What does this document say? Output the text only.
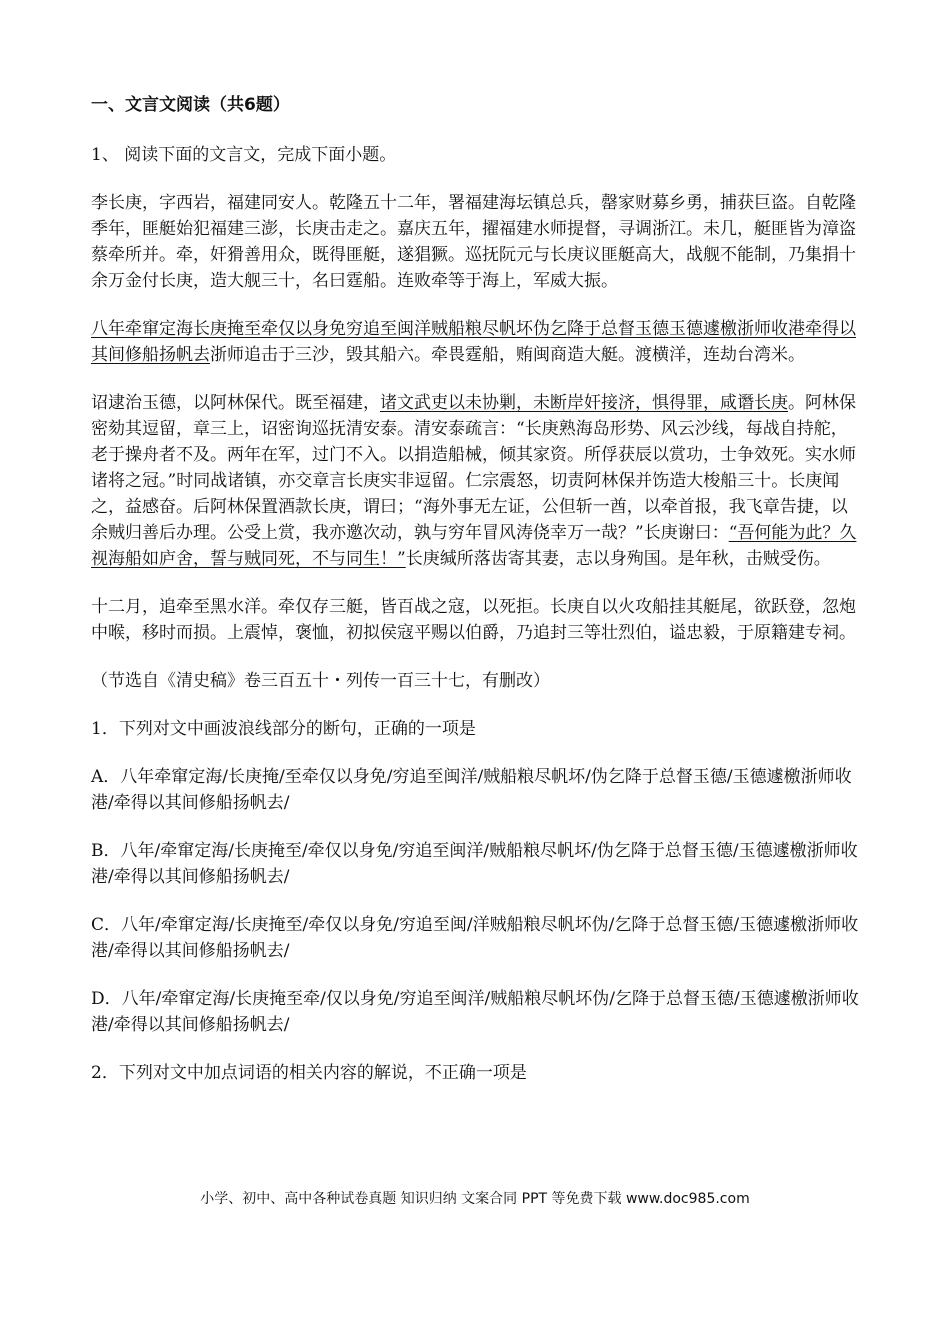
一、文言文阅读（共6题）

1、 阅读下面的文言文，完成下面小题。

李长庚，字西岩，福建同安人。乾隆五十二年，署福建海坛镇总兵，罄家财募乡勇，捕获巨盗。自乾隆季年，匪艇始犯福建三澎，长庚击走之。嘉庆五年，擢福建水师提督，寻调浙江。未几，艇匪皆为漳盗蔡牵所并。牵，奸猾善用众，既得匪艇，遂猖獗。巡抚阮元与长庚议匪艇高大，战舰不能制，乃集捐十余万金付长庚，造大舰三十，名曰霆船。连败牵等于海上，军威大振。

八年牵窜定海长庚掩至牵仅以身免穷追至闽洋贼船粮尽帆坏伪乞降于总督玉德玉德遽檄浙师收港牵得以其间修船扬帆去浙师追击于三沙，毁其船六。牵畏霆船，贿闽商造大艇。渡横洋，连劫台湾米。

诏逮治玉德，以阿林保代。既至福建，诸文武吏以未协剿，未断岸奸接济，惧得罪，咸谮长庚。阿林保密劾其逗留，章三上，诏密询巡抚清安泰。清安泰疏言：“长庚熟海岛形势、风云沙线，每战自持舵，老于操舟者不及。两年在军，过门不入。以捐造船械，倾其家资。所俘获辰以赏功，士争效死。实水师诸将之冠。”时同战诸镇，亦交章言长庚实非逗留。仁宗震怒，切责阿林保并饬造大梭船三十。长庚闻之，益感奋。后阿林保置酒款长庚，谓曰；“海外事无左证，公但斩一酋，以牵首报，我飞章告捷，以余贼归善后办理。公受上赏，我亦邀次动，孰与穷年冒风涛侥幸万一哉？”长庚谢曰：“吾何能为此？久视海船如庐舍，誓与贼同死，不与同生！”长庚缄所落齿寄其妻，志以身殉国。是年秋，击贼受伤。

十二月，追牵至黑水洋。牵仅存三艇，皆百战之寇，以死拒。长庚自以火攻船挂其艇尾，欲跃登，忽炮中喉，移时而损。上震悼，褒恤，初拟侯寇平赐以伯爵，乃追封三等壮烈伯，谥忠毅，于原籍建专祠。

（节选自《清史稿》卷三百五十・列传一百三十七，有删改）

1．下列对文中画波浪线部分的断句，正确的一项是

A．八年牵窜定海/长庚掩/至牵仅以身免/穷追至闽洋/贼船粮尽帆坏/伪乞降于总督玉德/玉德遽檄浙师收港/牵得以其间修船扬帆去/
B．八年/牵窜定海/长庚掩至/牵仅以身免/穷追至闽洋/贼船粮尽帆坏/伪乞降于总督玉德/玉德遽檄浙师收港/牵得以其间修船扬帆去/
C．八年/牵窜定海/长庚掩至/牵仅以身免/穷追至闽/洋贼船粮尽帆坏伪/乞降于总督玉德/玉德遽檄浙师收港/牵得以其间修船扬帆去/
D．八年/牵窜定海/长庚掩至牵/仅以身免/穷追至闽洋/贼船粮尽帆坏伪/乞降于总督玉德/玉德遽檄浙师收港/牵得以其间修船扬帆去/

2．下列对文中加点词语的相关内容的解说，不正确一项是

小学、初中、高中各种试卷真题 知识归纳 文案合同 PPT 等免费下载 www.doc985.com
